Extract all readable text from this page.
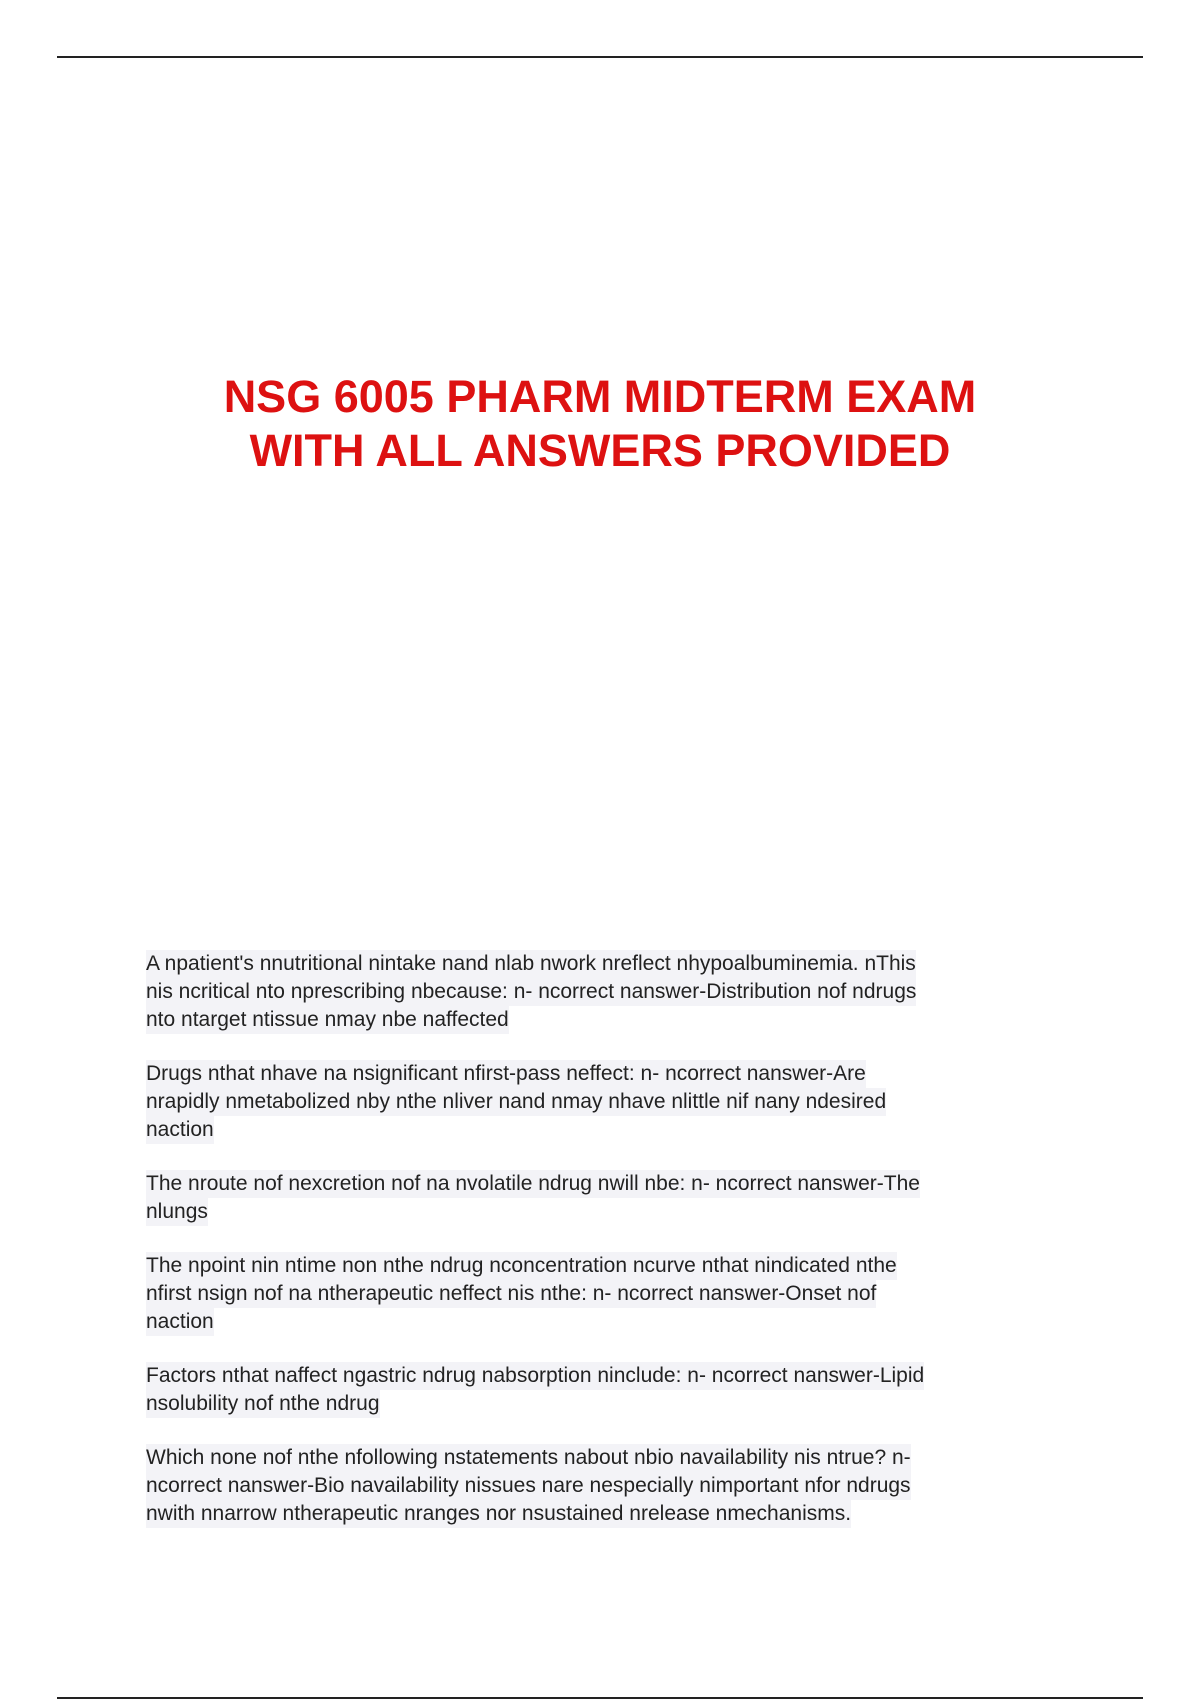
NSG 6005 PHARM MIDTERM EXAM
WITH ALL ANSWERS PROVIDED

A npatient's nnutritional nintake nand nlab nwork nreflect nhypoalbuminemia. nThis
nis ncritical nto nprescribing nbecause: n- ncorrect nanswer-Distribution nof ndrugs
nto ntarget ntissue nmay nbe naffected

Drugs nthat nhave na nsignificant nfirst-pass neffect: n- ncorrect nanswer-Are
nrapidly nmetabolized nby nthe nliver nand nmay nhave nlittle nif nany ndesired
naction

The nroute nof nexcretion nof na nvolatile ndrug nwill nbe: n- ncorrect nanswer-The
nlungs

The npoint nin ntime non nthe ndrug nconcentration ncurve nthat nindicated nthe
nfirst nsign nof na ntherapeutic neffect nis nthe: n- ncorrect nanswer-Onset nof
naction

Factors nthat naffect ngastric ndrug nabsorption ninclude: n- ncorrect nanswer-Lipid
nsolubility nof nthe ndrug

Which none nof nthe nfollowing nstatements nabout nbio navailability nis ntrue? n-
ncorrect nanswer-Bio navailability nissues nare nespecially nimportant nfor ndrugs
nwith nnarrow ntherapeutic nranges nor nsustained nrelease nmechanisms.
